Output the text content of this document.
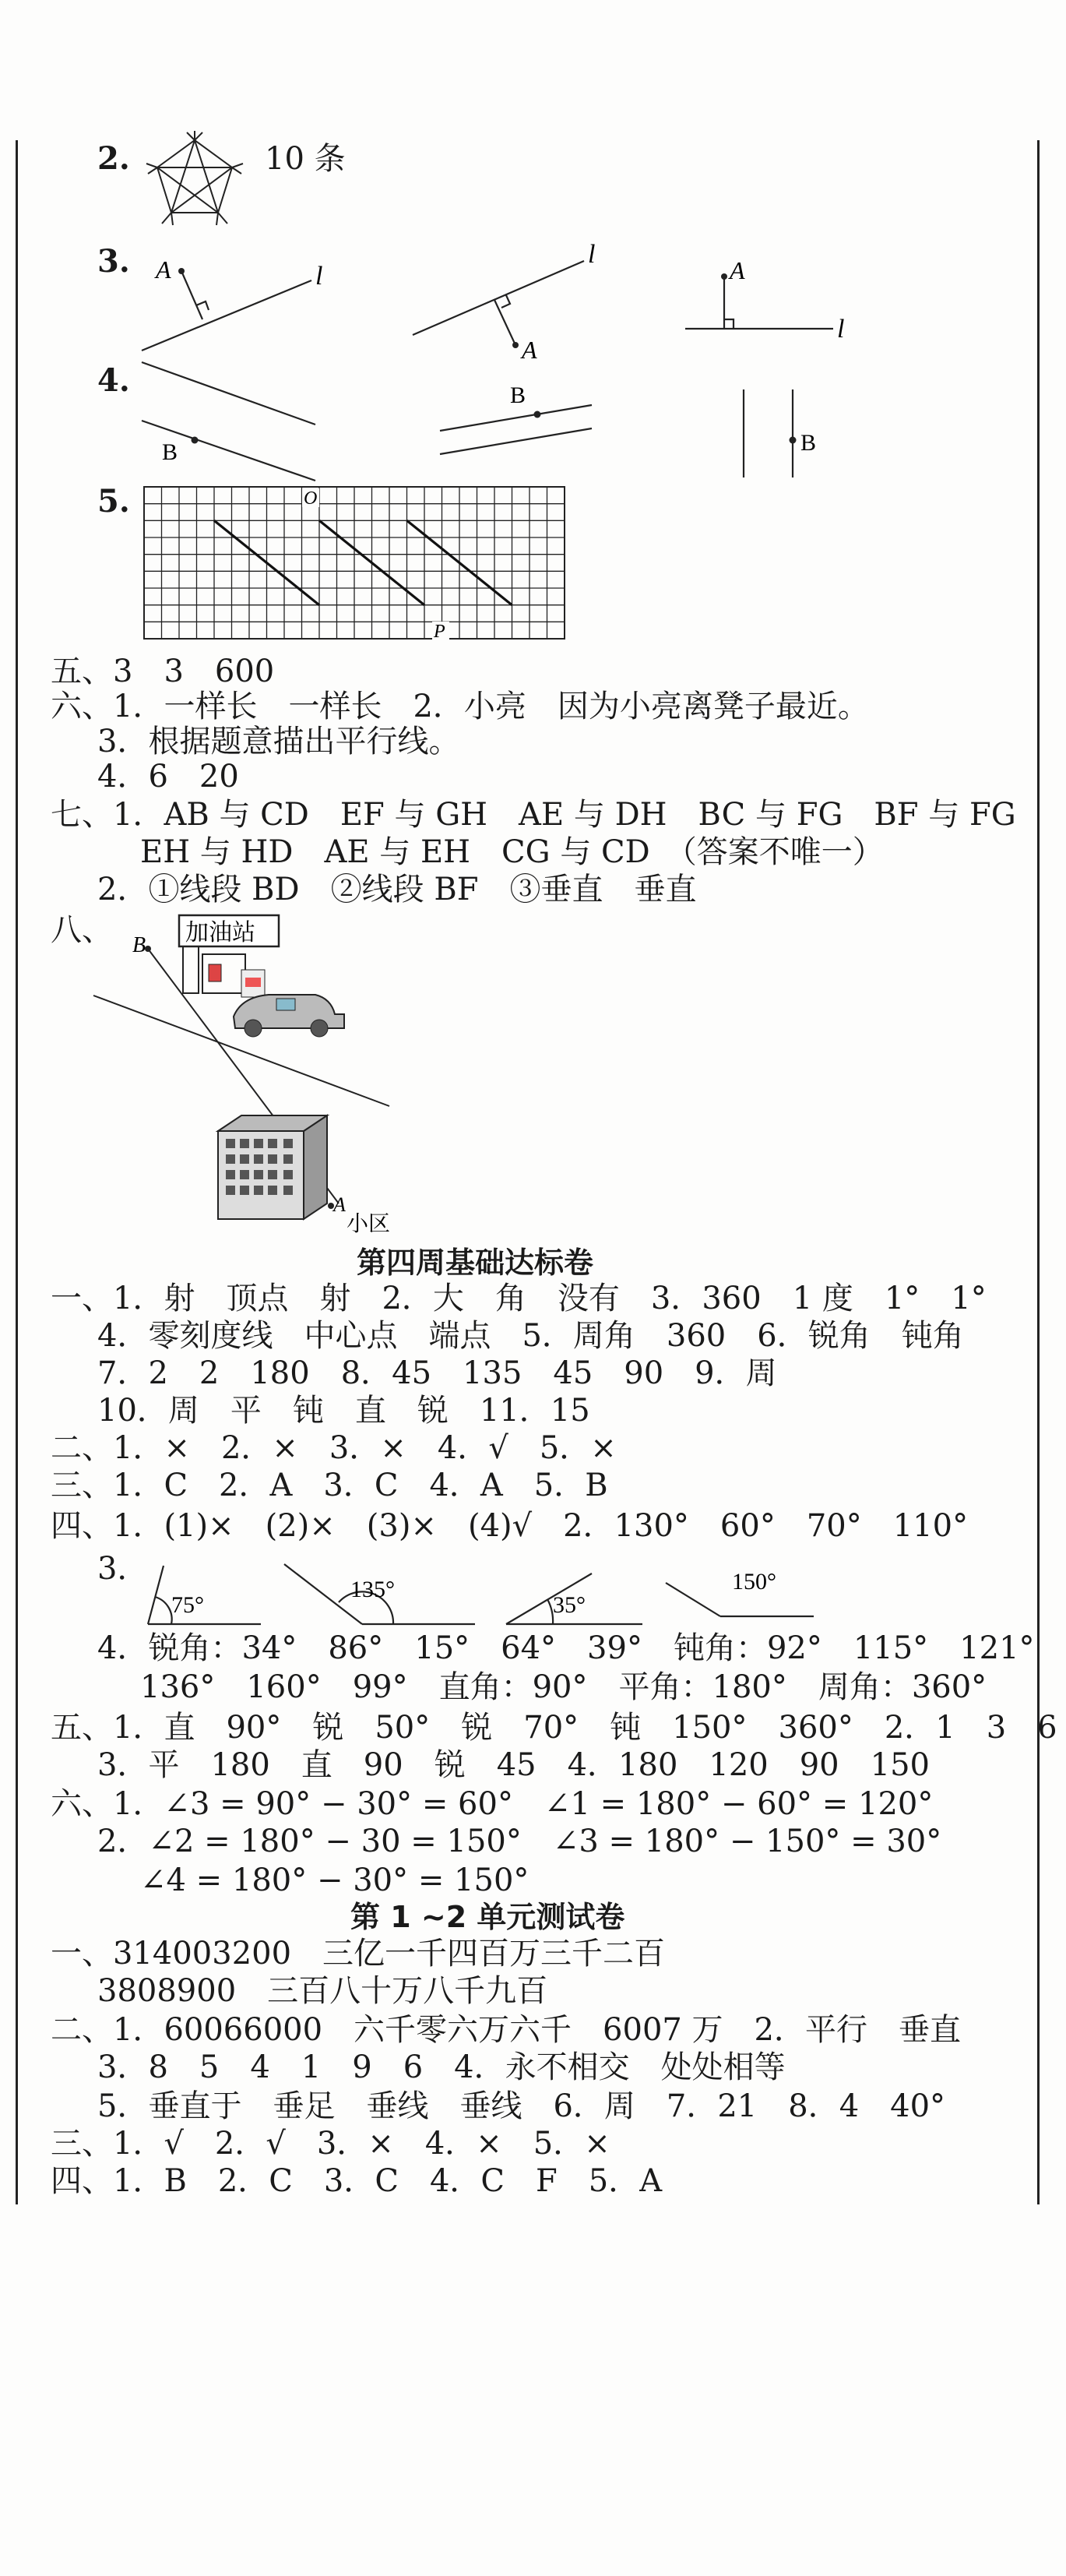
2.	10 条
3. A	l
A
l
A
l
4.
B
B
B
5.	O
P
五、3　3　600
六、1．一样长　一样长　2．小亮　因为小亮离凳子最近。
3．根据题意描出平行线。
4．6　20
七、1．AB 与 CD　EF 与 GH　AE 与 DH　BC 与 FG　BF 与 FG
EH 与 HD　AE 与 EH　CG 与 CD　（答案不唯一）
2．①线段 BD　②线段 BF　③垂直　垂直
八、	加油站
B
A
小区
第四周基础达标卷
一、1．射　顶点　射　2．大　角　没有　3．360　1 度　1°　1°
4．零刻度线　中心点　端点　5．周角　360　6．锐角　钝角
7．2　2　180　8．45　135　45　90　9．周
10．周　平　钝　直　锐　11．15
二、1．×　2．×　3．×　4．√　5．×
三、1．C　2．A　3．C　4．A　5．B
四、1．(1)×　(2)×　(3)×　(4)√　2．130°　60°　70°　110°
3．
75°
135°
35°
150°
4．锐角：34°　86°　15°　64°　39°　钝角：92°　115°　121°
136°　160°　99°　直角：90°　平角：180°　周角：360°
五、1．直　90°　锐　50°　锐　70°　钝　150°　360°　2．1　3　6
3．平　180　直　90　锐　45　4．180　120　90　150
六、1．∠3 = 90° − 30° = 60°　∠1 = 180° − 60° = 120°
2．∠2 = 180° − 30 = 150°　∠3 = 180° − 150° = 30°
∠4 = 180° − 30° = 150°
第 1 ~2 单元测试卷
一、314003200　三亿一千四百万三千二百
3808900　三百八十万八千九百
二、1．60066000　六千零六万六千　6007 万　2．平行　垂直
3．8　5　4　1　9　6　4．永不相交　处处相等
5．垂直于　垂足　垂线　垂线　6．周　7．21　8．4　40°
三、1．√　2．√　3．×　4．×　5．×
四、1．B　2．C　3．C　4．C　F　5．A
